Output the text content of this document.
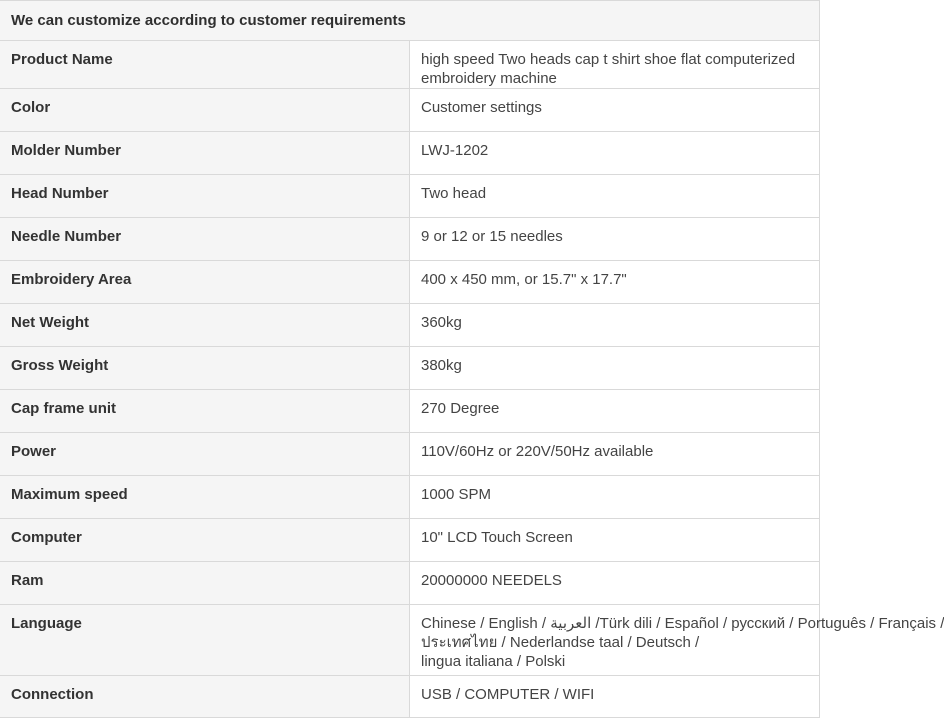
We can customize according to customer requirements	
Product Name	high speed Two heads cap t shirt shoe flat computerized embroidery machine
Color	Customer settings
Molder Number	LWJ-1202
Head Number	Two head
Needle Number	9 or 12 or 15 needles
Embroidery Area	400 x 450 mm, or 15.7" x 17.7"
Net Weight	360kg
Gross Weight	380kg
Cap frame unit	270 Degree
Power	110V/60Hz or 220V/50Hz available
Maximum speed	1000 SPM
Computer	10" LCD Touch Screen
Ram	20000000 NEEDELS
Language	Chinese / English / العربية /Türk dili / Español / русский / Português / Français /
ประเทศไทย / Nederlandse taal / Deutsch /
lingua italiana / Polski

Connection	USB / COMPUTER / WIFI
